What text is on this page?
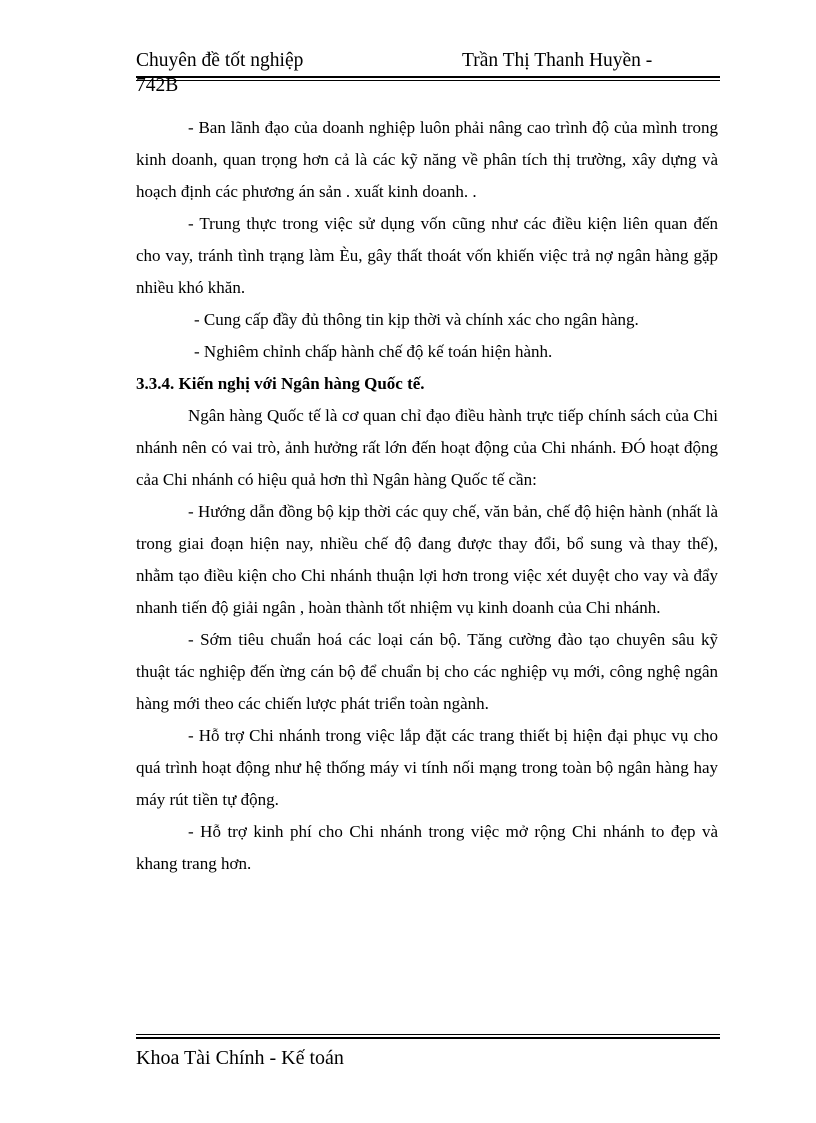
Chuyên đề tốt nghiệp	Trần Thị Thanh Huyền -
742B

- Ban lãnh đạo của doanh nghiệp luôn phải nâng cao trình độ của mình trong kinh doanh, quan trọng hơn cả là các kỹ năng về phân tích thị trường, xây dựng và hoạch định các phương án sản . xuất kinh doanh. .

- Trung thực trong việc sử dụng vốn cũng như các điều kiện liên quan đến cho vay, tránh tình trạng làm Èu, gây thất thoát vốn khiến việc trả nợ ngân hàng gặp nhiều khó khăn.

- Cung cấp đầy đủ thông tin kịp thời và chính xác cho ngân hàng.

- Nghiêm chỉnh chấp hành chế độ kế toán hiện hành.

3.3.4. Kiến nghị với Ngân hàng Quốc tế.

Ngân hàng Quốc tế là cơ quan chỉ đạo điều hành trực tiếp chính sách của Chi nhánh nên có vai trò, ảnh hưởng rất lớn đến hoạt động của Chi nhánh. ĐÓ hoạt động cảa Chi nhánh có hiệu quả hơn thì Ngân hàng Quốc tế cần:

- Hướng dẫn đồng bộ kịp thời các quy chế, văn bản, chế độ hiện hành (nhất là trong giai đoạn hiện nay, nhiều chế độ đang được thay đổi, bổ sung và thay thế), nhằm tạo điều kiện cho Chi nhánh thuận lợi hơn trong việc xét duyệt cho vay và đẩy nhanh tiến độ giải ngân , hoàn thành tốt nhiệm vụ kinh doanh của Chi nhánh.

- Sớm tiêu chuẩn hoá các loại cán bộ. Tăng cường đào tạo chuyên sâu kỹ thuật tác nghiệp đến ừng cán bộ để chuẩn bị cho các nghiệp vụ mới, công nghệ ngân hàng mới theo các chiến lược phát triển toàn ngành.

- Hỗ trợ Chi nhánh trong việc lắp đặt các trang thiết bị hiện đại phục vụ cho quá trình hoạt động như hệ thống máy vi tính nối mạng trong toàn bộ ngân hàng hay máy rút tiền tự động.

- Hỗ trợ kinh phí cho Chi nhánh trong việc mở rộng Chi nhánh to đẹp và khang trang hơn.

Khoa Tài Chính - Kế toán
